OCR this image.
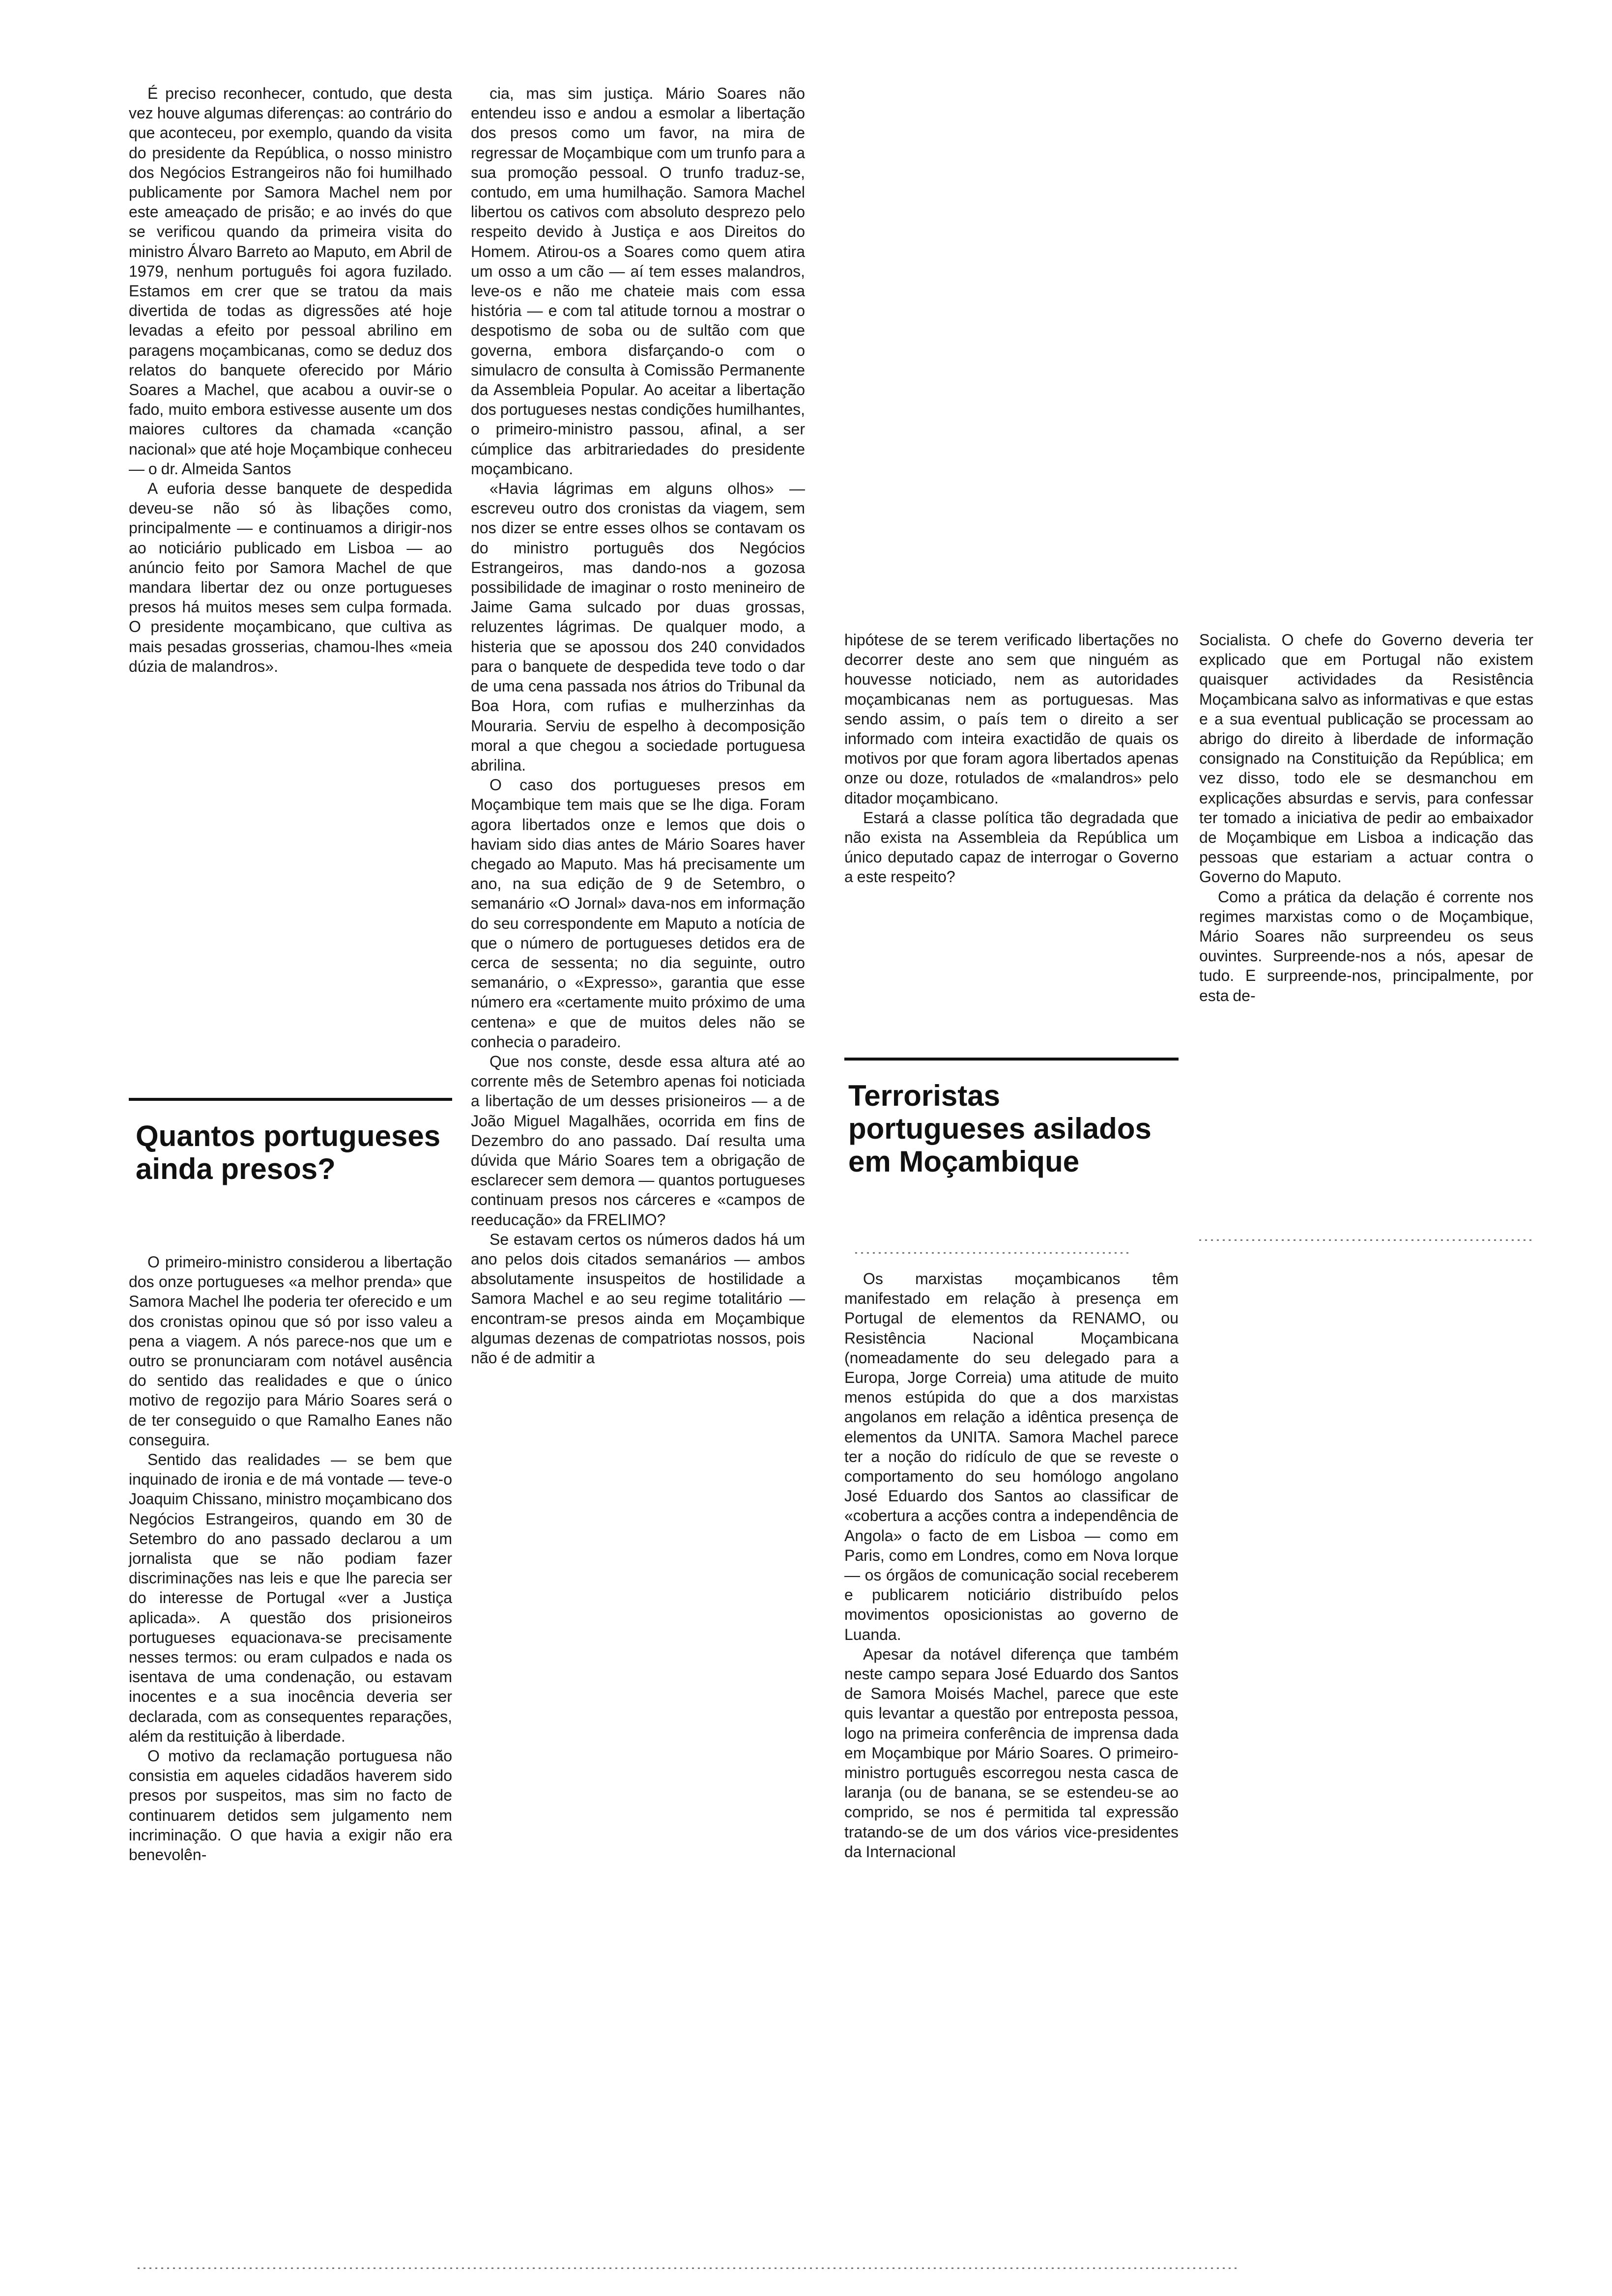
É preciso reconhecer, contudo, que desta vez houve algumas diferenças: ao contrário do que aconteceu, por exemplo, quando da visita do presidente da República, o nosso ministro dos Negócios Estrangeiros não foi humilhado publicamente por Samora Machel nem por este ameaçado de prisão; e ao invés do que se verificou quando da primeira visita do ministro Álvaro Barreto ao Maputo, em Abril de 1979, nenhum português foi agora fuzilado. Estamos em crer que se tratou da mais divertida de todas as digressões até hoje levadas a efeito por pessoal abrilino em paragens moçambicanas, como se deduz dos relatos do banquete oferecido por Mário Soares a Machel, que acabou a ouvir-se o fado, muito embora estivesse ausente um dos maiores cultores da chamada «canção nacional» que até hoje Moçambique conheceu — o dr. Almeida Santos

A euforia desse banquete de despedida deveu-se não só às libações como, principalmente — e continuamos a dirigir-nos ao noticiário publicado em Lisboa — ao anúncio feito por Samora Machel de que mandara libertar dez ou onze portugueses presos há muitos meses sem culpa formada. O presidente moçambicano, que cultiva as mais pesadas grosserias, chamou-lhes «meia dúzia de malandros».

Quantos portugueses ainda presos?

O primeiro-ministro considerou a libertação dos onze portugueses «a melhor prenda» que Samora Machel lhe poderia ter oferecido e um dos cronistas opinou que só por isso valeu a pena a viagem. A nós parece-nos que um e outro se pronunciaram com notável ausência do sentido das realidades e que o único motivo de regozijo para Mário Soares será o de ter conseguido o que Ramalho Eanes não conseguira.

Sentido das realidades — se bem que inquinado de ironia e de má vontade — teve-o Joaquim Chissano, ministro moçambicano dos Negócios Estrangeiros, quando em 30 de Setembro do ano passado declarou a um jornalista que se não podiam fazer discriminações nas leis e que lhe parecia ser do interesse de Portugal «ver a Justiça aplicada». A questão dos prisioneiros portugueses equacionava-se precisamente nesses termos: ou eram culpados e nada os isentava de uma condenação, ou estavam inocentes e a sua inocência deveria ser declarada, com as consequentes reparações, além da restituição à liberdade.

O motivo da reclamação portuguesa não consistia em aqueles cidadãos haverem sido presos por suspeitos, mas sim no facto de continuarem detidos sem julgamento nem incriminação. O que havia a exigir não era benevolên-

cia, mas sim justiça. Mário Soares não entendeu isso e andou a esmolar a libertação dos presos como um favor, na mira de regressar de Moçambique com um trunfo para a sua promoção pessoal. O trunfo traduz-se, contudo, em uma humilhação. Samora Machel libertou os cativos com absoluto desprezo pelo respeito devido à Justiça e aos Direitos do Homem. Atirou-os a Soares como quem atira um osso a um cão — aí tem esses malandros, leve-os e não me chateie mais com essa história — e com tal atitude tornou a mostrar o despotismo de soba ou de sultão com que governa, embora disfarçando-o com o simulacro de consulta à Comissão Permanente da Assembleia Popular. Ao aceitar a libertação dos portugueses nestas condições humilhantes, o primeiro-ministro passou, afinal, a ser cúmplice das arbitrariedades do presidente moçambicano.

«Havia lágrimas em alguns olhos» — escreveu outro dos cronistas da viagem, sem nos dizer se entre esses olhos se contavam os do ministro português dos Negócios Estrangeiros, mas dando-nos a gozosa possibilidade de imaginar o rosto menineiro de Jaime Gama sulcado por duas grossas, reluzentes lágrimas. De qualquer modo, a histeria que se apossou dos 240 convidados para o banquete de despedida teve todo o dar de uma cena passada nos átrios do Tribunal da Boa Hora, com rufias e mulherzinhas da Mouraria. Serviu de espelho à decomposição moral a que chegou a sociedade portuguesa abrilina.

O caso dos portugueses presos em Moçambique tem mais que se lhe diga. Foram agora libertados onze e lemos que dois o haviam sido dias antes de Mário Soares haver chegado ao Maputo. Mas há precisamente um ano, na sua edição de 9 de Setembro, o semanário «O Jornal» dava-nos em informação do seu correspondente em Maputo a notícia de que o número de portugueses detidos era de cerca de sessenta; no dia seguinte, outro semanário, o «Expresso», garantia que esse número era «certamente muito próximo de uma centena» e que de muitos deles não se conhecia o paradeiro.

Que nos conste, desde essa altura até ao corrente mês de Setembro apenas foi noticiada a libertação de um desses prisioneiros — a de João Miguel Magalhães, ocorrida em fins de Dezembro do ano passado. Daí resulta uma dúvida que Mário Soares tem a obrigação de esclarecer sem demora — quantos portugueses continuam presos nos cárceres e «campos de reeducação» da FRELIMO?

Se estavam certos os números dados há um ano pelos dois citados semanários — ambos absolutamente insuspeitos de hostilidade a Samora Machel e ao seu regime totalitário — encontram-se presos ainda em Moçambique algumas dezenas de compatriotas nossos, pois não é de admitir a

hipótese de se terem verificado libertações no decorrer deste ano sem que ninguém as houvesse noticiado, nem as autoridades moçambicanas nem as portuguesas. Mas sendo assim, o país tem o direito a ser informado com inteira exactidão de quais os motivos por que foram agora libertados apenas onze ou doze, rotulados de «malandros» pelo ditador moçambicano.

Estará a classe política tão degradada que não exista na Assembleia da República um único deputado capaz de interrogar o Governo a este respeito?

Terroristas portugueses asilados em Moçambique

Os marxistas moçambicanos têm manifestado em relação à presença em Portugal de elementos da RENAMO, ou Resistência Nacional Moçambicana (nomeadamente do seu delegado para a Europa, Jorge Correia) uma atitude de muito menos estúpida do que a dos marxistas angolanos em relação a idêntica presença de elementos da UNITA. Samora Machel parece ter a noção do ridículo de que se reveste o comportamento do seu homólogo angolano José Eduardo dos Santos ao classificar de «cobertura a acções contra a independência de Angola» o facto de em Lisboa — como em Paris, como em Londres, como em Nova Iorque — os órgãos de comunicação social receberem e publicarem noticiário distribuído pelos movimentos oposicionistas ao governo de Luanda.

Apesar da notável diferença que também neste campo separa José Eduardo dos Santos de Samora Moisés Machel, parece que este quis levantar a questão por entreposta pessoa, logo na primeira conferência de imprensa dada em Moçambique por Mário Soares. O primeiro-ministro português escorregou nesta casca de laranja (ou de banana, se se estendeu-se ao comprido, se nos é permitida tal expressão tratando-se de um dos vários vice-presidentes da Internacional

Socialista. O chefe do Governo deveria ter explicado que em Portugal não existem quaisquer actividades da Resistência Moçambicana salvo as informativas e que estas e a sua eventual publicação se processam ao abrigo do direito à liberdade de informação consignado na Constituição da República; em vez disso, todo ele se desmanchou em explicações absurdas e servis, para confessar ter tomado a iniciativa de pedir ao embaixador de Moçambique em Lisboa a indicação das pessoas que estariam a actuar contra o Governo do Maputo.

Como a prática da delação é corrente nos regimes marxistas como o de Moçambique, Mário Soares não surpreendeu os seus ouvintes. Surpreende-nos a nós, apesar de tudo. E surpreende-nos, principalmente, por esta de-
